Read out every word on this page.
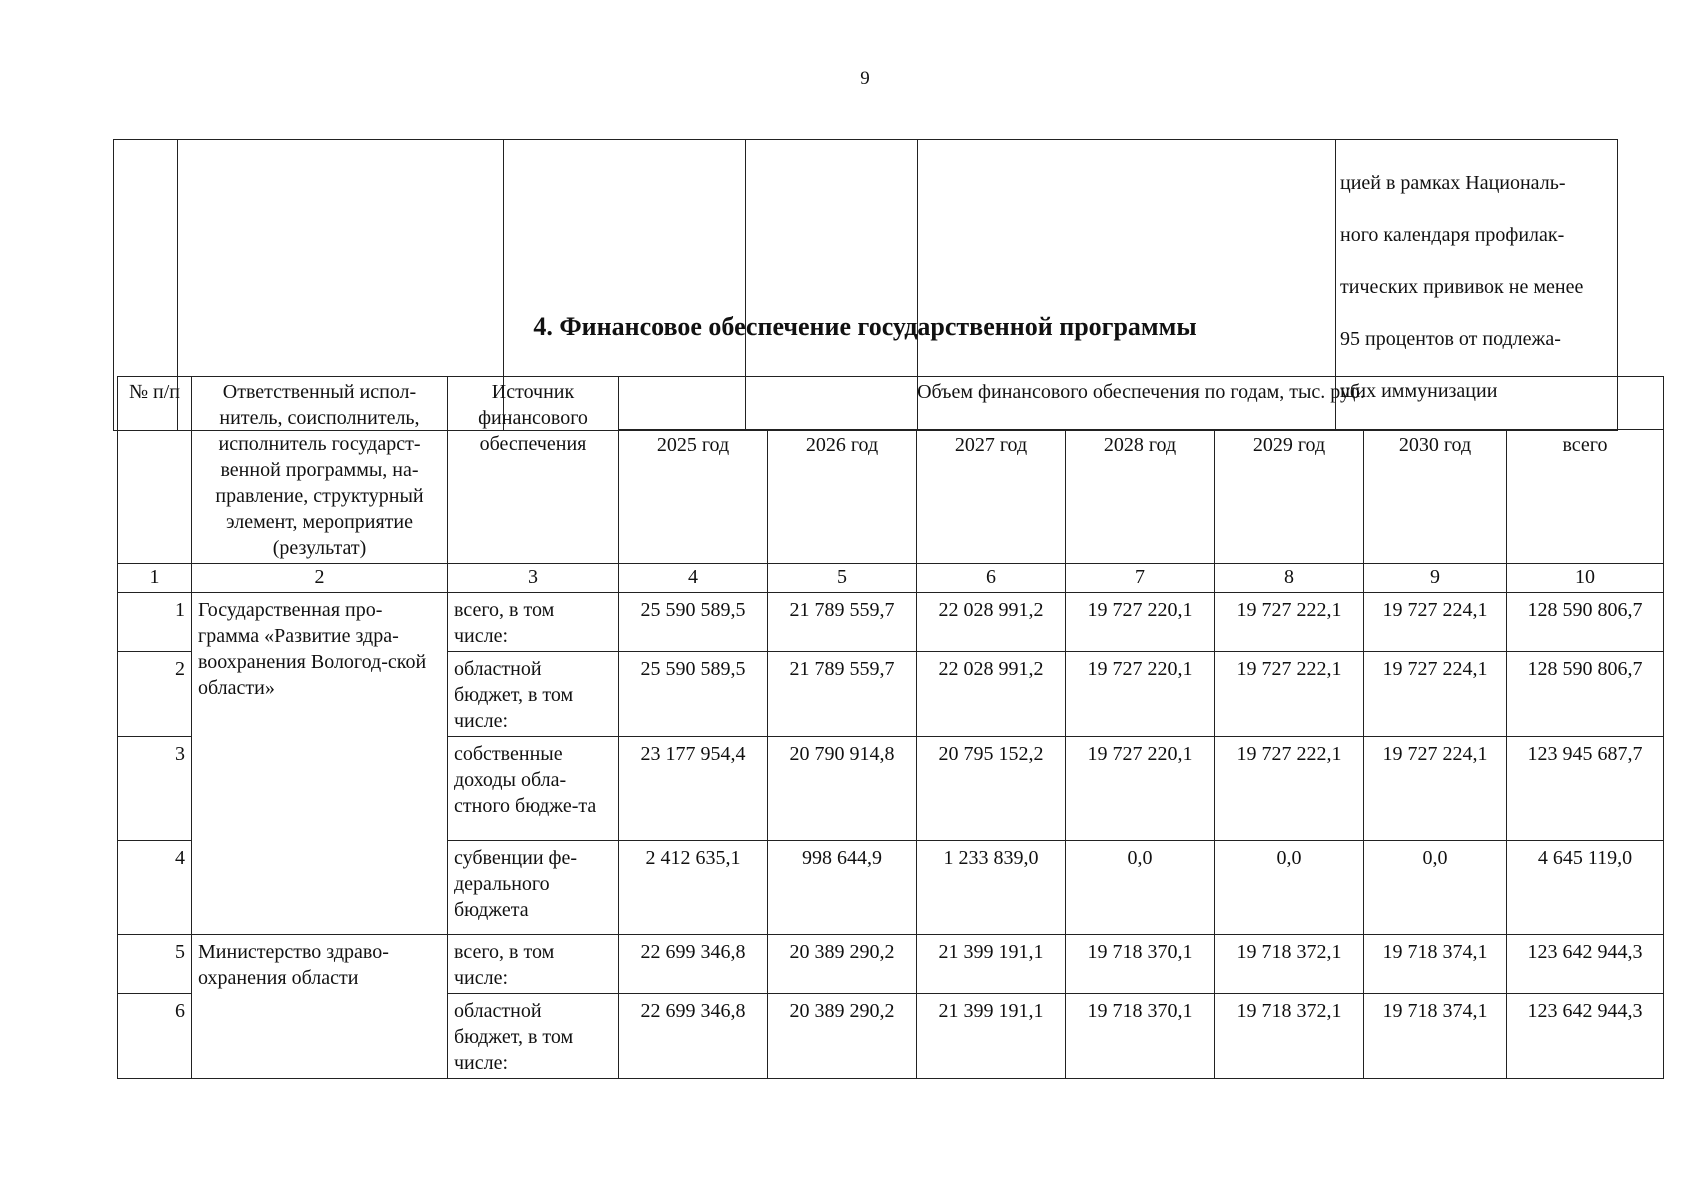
9

цией в рамках Националь-

ного календаря профилак-

тических прививок не менее

95 процентов от подлежа-

щих иммунизации

4. Финансовое обеспечение государственной программы
№ п/п	Ответственный испол-нитель, соисполнитель, исполнитель государст-венной программы, на-правление, структурный элемент, мероприятие (результат)	Источник финансового обеспечения	Объем финансового обеспечения по годам, тыс. руб.						
			2025 год	2026 год	2027 год	2028 год	2029 год	2030 год	всего
1	2	3	4	5	6	7	8	9	10
1	Государственная про-грамма «Развитие здра-воохранения Вологод-ской области»	всего, в том числе:	25 590 589,5	21 789 559,7	22 028 991,2	19 727 220,1	19 727 222,1	19 727 224,1	128 590 806,7
2		областной бюджет, в том числе:	25 590 589,5	21 789 559,7	22 028 991,2	19 727 220,1	19 727 222,1	19 727 224,1	128 590 806,7
3		собственные доходы обла-стного бюдже-та	23 177 954,4	20 790 914,8	20 795 152,2	19 727 220,1	19 727 222,1	19 727 224,1	123 945 687,7
4		субвенции фе-дерального бюджета	2 412 635,1	998 644,9	1 233 839,0	0,0	0,0	0,0	4 645 119,0
5	Министерство здраво-охранения области	всего, в том числе:	22 699 346,8	20 389 290,2	21 399 191,1	19 718 370,1	19 718 372,1	19 718 374,1	123 642 944,3
6		областной бюджет, в том числе:	22 699 346,8	20 389 290,2	21 399 191,1	19 718 370,1	19 718 372,1	19 718 374,1	123 642 944,3
